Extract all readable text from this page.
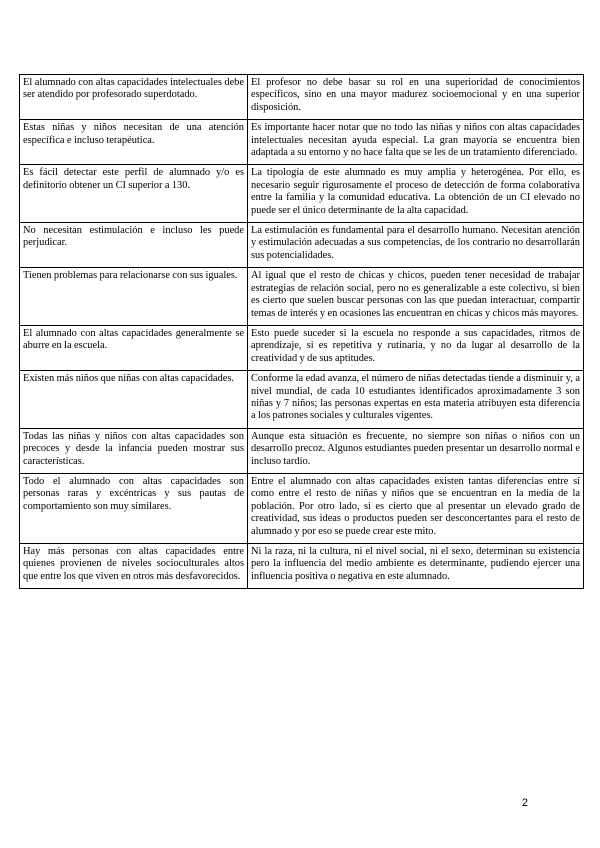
El alumnado con altas capacidades intelectuales debe ser atendido por profesorado superdotado.	El profesor no debe basar su rol en una superioridad de conocimientos específicos, sino en una mayor madurez socioemocional y en una superior disposición.
Estas niñas y niños necesitan de una atención específica e incluso terapéutica.	Es importante hacer notar que no todo las niñas y niños con altas capacidades intelectuales necesitan ayuda especial. La gran mayoría se encuentra bien adaptada a su entorno y no hace falta que se les de un tratamiento diferenciado.
Es fácil detectar este perfil de alumnado y/o es definitorio obtener un CI superior a 130.	La tipología de este alumnado es muy amplia y heterogénea. Por ello, es necesario seguir rigurosamente el proceso de detección de forma colaborativa entre la familia y la comunidad educativa. La obtención de un CI elevado no puede ser el único determinante de la alta capacidad.
No necesitan estimulación e incluso les puede perjudicar.	La estimulación es fundamental para el desarrollo humano. Necesitan atención y estimulación adecuadas a sus competencias, de los contrario no desarrollarán sus potencialidades.
Tienen problemas para relacionarse con sus iguales.	Al igual que el resto de chicas y chicos, pueden tener necesidad de trabajar estrategias de relación social, pero no es generalizable a este colectivo, si bien es cierto que suelen buscar personas con las que puedan interactuar, compartir temas de interés y en ocasiones las encuentran en chicas y chicos más mayores.
El alumnado con altas capacidades generalmente se aburre en la escuela.	Esto puede suceder si la escuela no responde a sus capacidades, ritmos de aprendizaje, si es repetitiva y rutinaria, y no da lugar al desarrollo de la creatividad y de sus aptitudes.
Existen más niños que niñas con altas capacidades.	Conforme la edad avanza, el número de niñas detectadas tiende a disminuir y, a nivel mundial, de cada 10 estudiantes identificados aproximadamente 3 son niñas y 7 niños; las personas expertas en esta materia atribuyen esta diferencia a los patrones sociales y culturales vigentes.
Todas las niñas y niños con altas capacidades son precoces y desde la infancia pueden mostrar sus características.	Aunque esta situación es frecuente, no siempre son niñas o niños con un desarrollo precoz. Algunos estudiantes pueden presentar un desarrollo normal e incluso tardío.
Todo el alumnado con altas capacidades son personas raras y excéntricas y sus pautas de comportamiento son muy similares.	Entre el alumnado con altas capacidades existen tantas diferencias entre sí como entre el resto de niñas y niños que se encuentran en la media de la población. Por otro lado, si es cierto que al presentar un elevado grado de creatividad, sus ideas o productos pueden ser desconcertantes para el resto de alumnado y por eso se puede crear este mito.
Hay más personas con altas capacidades entre quienes provienen de niveles socioculturales altos que entre los que viven en otros más desfavorecidos.	Ni la raza, ni la cultura, ni el nivel social, ni el sexo, determinan su existencia pero la influencia del medio ambiente es determinante, pudiendo ejercer una influencia positiva o negativa en este alumnado.
2
